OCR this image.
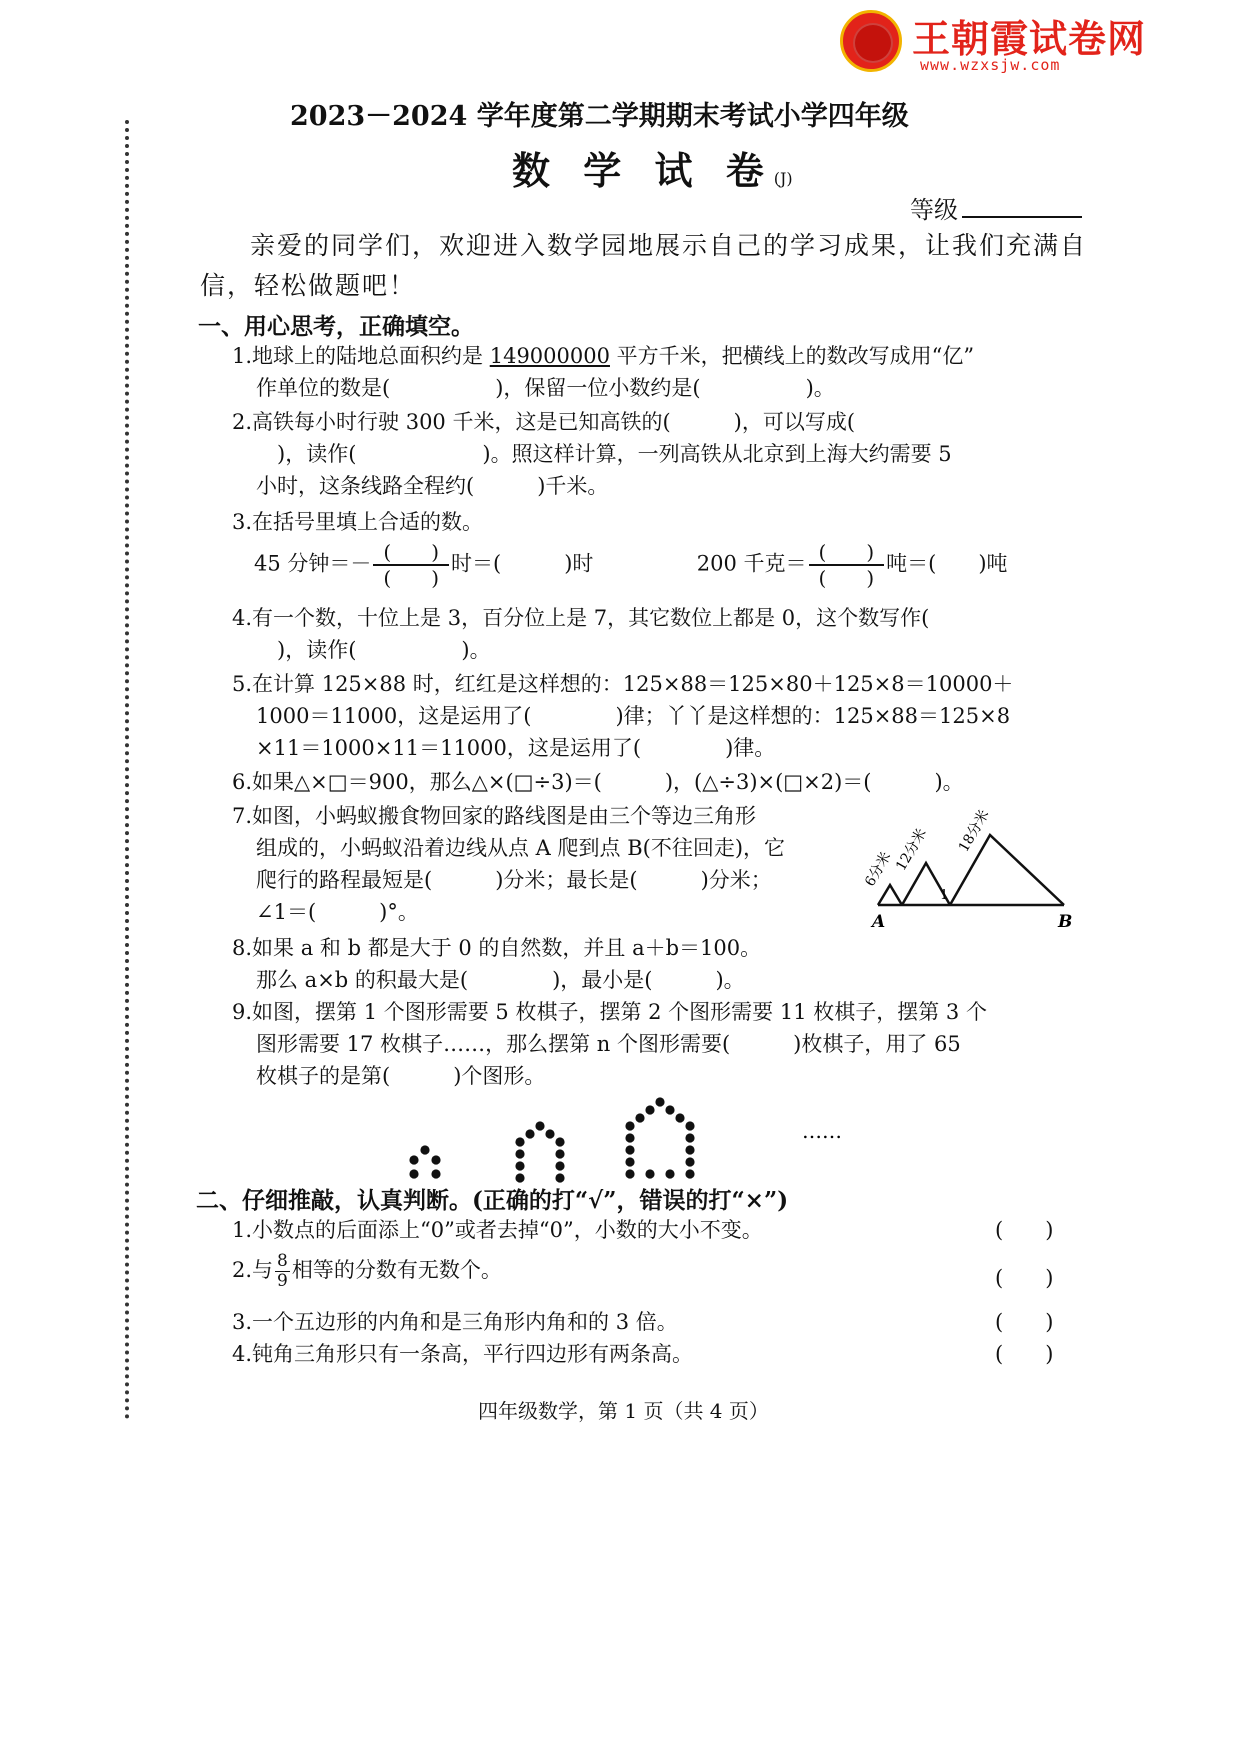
王朝霞试卷网
www.wzxsjw.com
2023－2024 学年度第二学期期末考试小学四年级
数 学 试 卷(J)
等级
亲爱的同学们，欢迎进入数学园地展示自己的学习成果，让我们充满自信，轻松做题吧！
一、用心思考，正确填空。
1.地球上的陆地总面积约是 149000000 平方千米，把横线上的数改写成用“亿”
作单位的数是(　　　　　)，保留一位小数约是(　　　　　)。
2.高铁每小时行驶 300 千米，这是已知高铁的(　　　)，可以写成(
　)，读作(　　　　　　)。照这样计算，一列高铁从北京到上海大约需要 5
小时，这条线路全程约(　　　)千米。
3.在括号里填上合适的数。
45 分钟＝－ $\frac{( )}{( )}$ 时＝(　　　)时	200 千克＝ $\frac{( )}{( )}$ 吨＝(　　)吨
4.有一个数，十位上是 3，百分位上是 7，其它数位上都是 0，这个数写作(
　)，读作(　　　　　)。
5.在计算 125×88 时，红红是这样想的：125×88＝125×80＋125×8＝10000＋
1000＝11000，这是运用了(　　　　)律；丫丫是这样想的：125×88＝125×8
×11＝1000×11＝11000，这是运用了(　　　　)律。
6.如果△×□＝900，那么△×(□÷3)＝(　　　)，(△÷3)×(□×2)＝(　　　)。
7.如图，小蚂蚁搬食物回家的路线图是由三个等边三角形
组成的，小蚂蚁沿着边线从点 A 爬到点 B(不往回走)，它
爬行的路程最短是(　　　)分米；最长是(　　　)分米；
∠1＝(　　　)°。
6分米
12分米 18分米
1
A	B
8.如果 a 和 b 都是大于 0 的自然数，并且 a＋b＝100。
那么 a×b 的积最大是(　　　　)，最小是(　　　)。
9.如图，摆第 1 个图形需要 5 枚棋子，摆第 2 个图形需要 11 枚棋子，摆第 3 个
图形需要 17 枚棋子……，那么摆第 n 个图形需要(　　　)枚棋子，用了 65
枚棋子的是第(　　　)个图形。
……
二、仔细推敲，认真判断。(正确的打“√”，错误的打“×”)
1.小数点的后面添上“0”或者去掉“0”，小数的大小不变。	(　　)
2.与 $\frac{8}{9}$ 相等的分数有无数个。	(　　)
3.一个五边形的内角和是三角形内角和的 3 倍。	(　　)
4.钝角三角形只有一条高，平行四边形有两条高。	(　　)
四年级数学，第 1 页（共 4 页）
